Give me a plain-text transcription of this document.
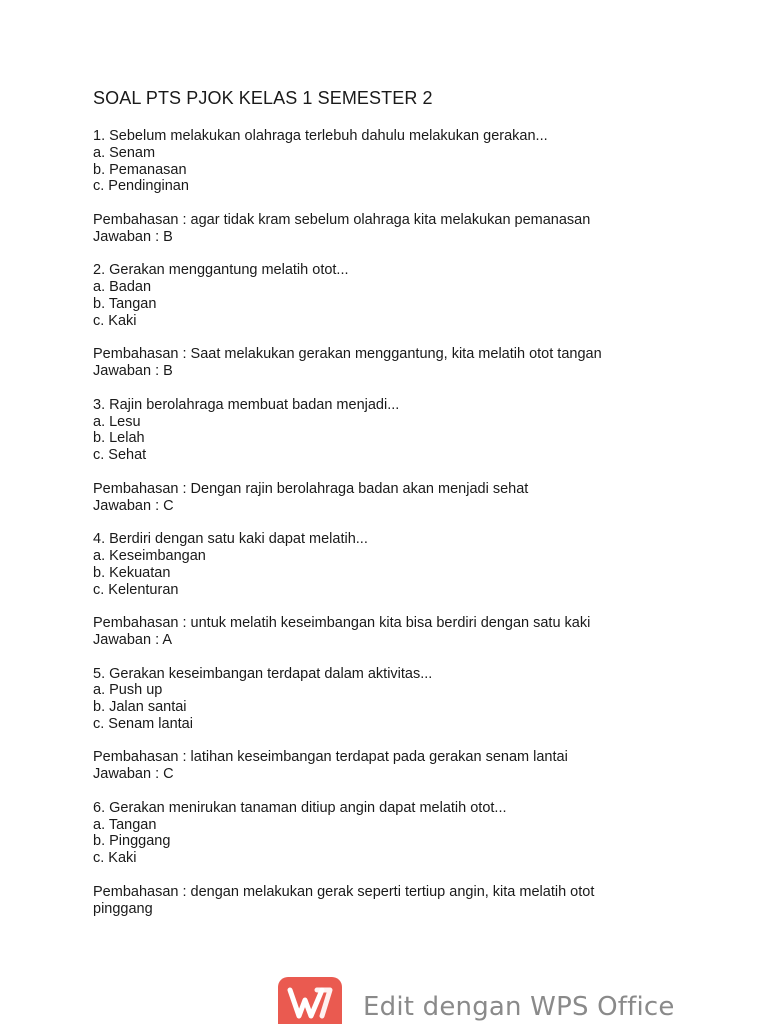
SOAL PTS PJOK KELAS 1 SEMESTER 2
1. Sebelum melakukan olahraga terlebuh dahulu melakukan gerakan...
a. Senam
b. Pemanasan
c. Pendinginan
Pembahasan : agar tidak kram sebelum olahraga kita melakukan pemanasan
Jawaban : B
2. Gerakan menggantung melatih otot...
a. Badan
b. Tangan
c. Kaki
Pembahasan : Saat melakukan gerakan menggantung, kita melatih otot tangan
Jawaban : B
3. Rajin berolahraga membuat badan menjadi...
a. Lesu
b. Lelah
c. Sehat
Pembahasan : Dengan rajin berolahraga badan akan menjadi sehat
Jawaban : C
4. Berdiri dengan satu kaki dapat melatih...
a. Keseimbangan
b. Kekuatan
c. Kelenturan
Pembahasan : untuk melatih keseimbangan kita bisa berdiri dengan satu kaki
Jawaban : A
5. Gerakan keseimbangan terdapat dalam aktivitas...
a. Push up
b. Jalan santai
c. Senam lantai
Pembahasan : latihan keseimbangan terdapat pada gerakan senam lantai
Jawaban : C
6. Gerakan menirukan tanaman ditiup angin dapat melatih otot...
a. Tangan
b. Pinggang
c. Kaki
Pembahasan : dengan melakukan gerak seperti tertiup angin, kita melatih otot pinggang
Edit dengan WPS Office
